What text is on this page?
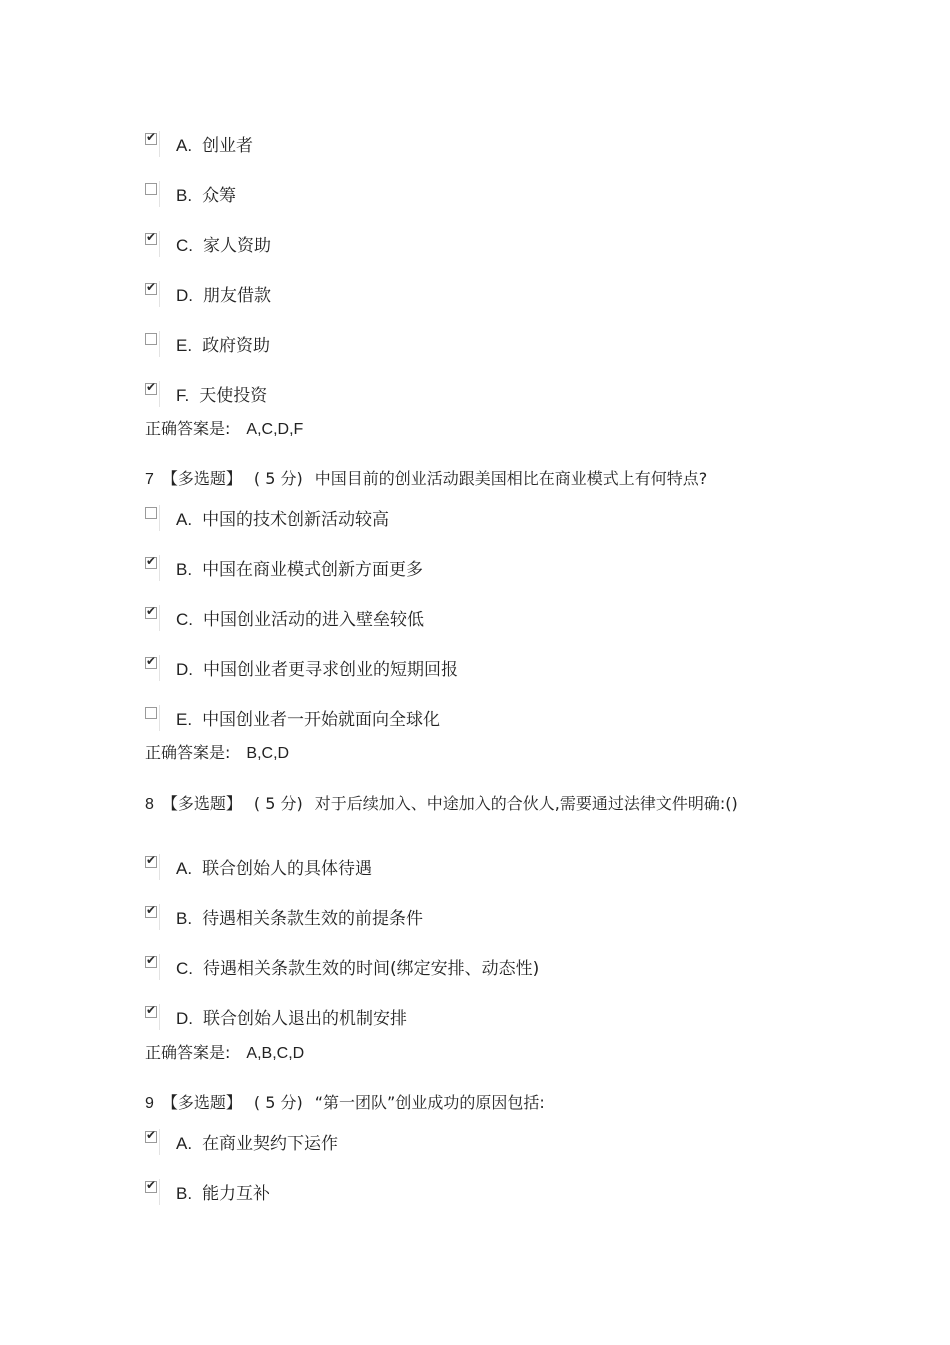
✔ A. 创业者
B. 众筹
✔ C. 家人资助
✔ D. 朋友借款
E. 政府资助
✔ F. 天使投资
正确答案是: A,C,D,F
7 【多选题】 ( 5 分) 中国目前的创业活动跟美国相比在商业模式上有何特点?
A. 中国的技术创新活动较高
✔ B. 中国在商业模式创新方面更多
✔ C. 中国创业活动的进入壁垒较低
✔ D. 中国创业者更寻求创业的短期回报
E. 中国创业者一开始就面向全球化
正确答案是: B,C,D
8 【多选题】 ( 5 分) 对于后续加入、中途加入的合伙人,需要通过法律文件明确:()
✔ A. 联合创始人的具体待遇
✔ B. 待遇相关条款生效的前提条件
✔ C. 待遇相关条款生效的时间(绑定安排、动态性)
✔ D. 联合创始人退出的机制安排
正确答案是: A,B,C,D
9 【多选题】 ( 5 分) “第一团队”创业成功的原因包括:
✔ A. 在商业契约下运作
✔ B. 能力互补
